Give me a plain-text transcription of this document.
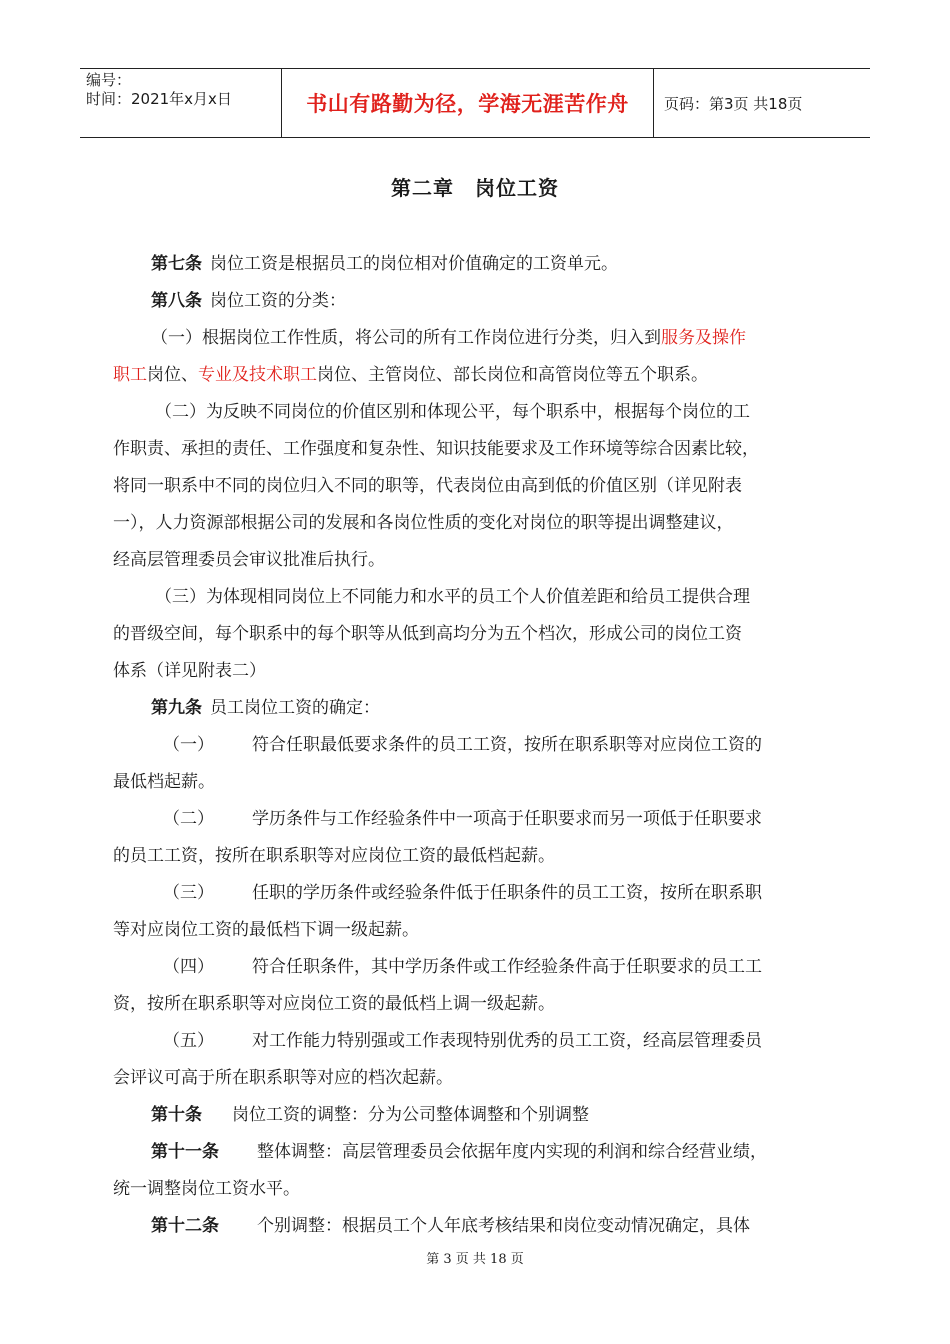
编号：
时间：2021年x月x日	书山有路勤为径，学海无涯苦作舟	页码：第3页 共18页
第二章　岗位工资
第七条 岗位工资是根据员工的岗位相对价值确定的工资单元。
第八条 岗位工资的分类：
（一）根据岗位工作性质，将公司的所有工作岗位进行分类，归入到服务及操作
职工岗位、专业及技术职工岗位、主管岗位、部长岗位和高管岗位等五个职系。
（二）为反映不同岗位的价值区别和体现公平，每个职系中，根据每个岗位的工
作职责、承担的责任、工作强度和复杂性、知识技能要求及工作环境等综合因素比较，
将同一职系中不同的岗位归入不同的职等，代表岗位由高到低的价值区别（详见附表
一），人力资源部根据公司的发展和各岗位性质的变化对岗位的职等提出调整建议，
经高层管理委员会审议批准后执行。
（三）为体现相同岗位上不同能力和水平的员工个人价值差距和给员工提供合理
的晋级空间，每个职系中的每个职等从低到高均分为五个档次，形成公司的岗位工资
体系（详见附表二）
第九条 员工岗位工资的确定：
（一） 符合任职最低要求条件的员工工资，按所在职系职等对应岗位工资的
最低档起薪。
（二） 学历条件与工作经验条件中一项高于任职要求而另一项低于任职要求
的员工工资，按所在职系职等对应岗位工资的最低档起薪。
（三） 任职的学历条件或经验条件低于任职条件的员工工资，按所在职系职
等对应岗位工资的最低档下调一级起薪。
（四） 符合任职条件，其中学历条件或工作经验条件高于任职要求的员工工
资，按所在职系职等对应岗位工资的最低档上调一级起薪。
（五） 对工作能力特别强或工作表现特别优秀的员工工资，经高层管理委员
会评议可高于所在职系职等对应的档次起薪。
第十条 岗位工资的调整：分为公司整体调整和个别调整
第十一条 整体调整：高层管理委员会依据年度内实现的利润和综合经营业绩，
统一调整岗位工资水平。
第十二条 个别调整：根据员工个人年底考核结果和岗位变动情况确定，具体
第 3 页 共 18 页
